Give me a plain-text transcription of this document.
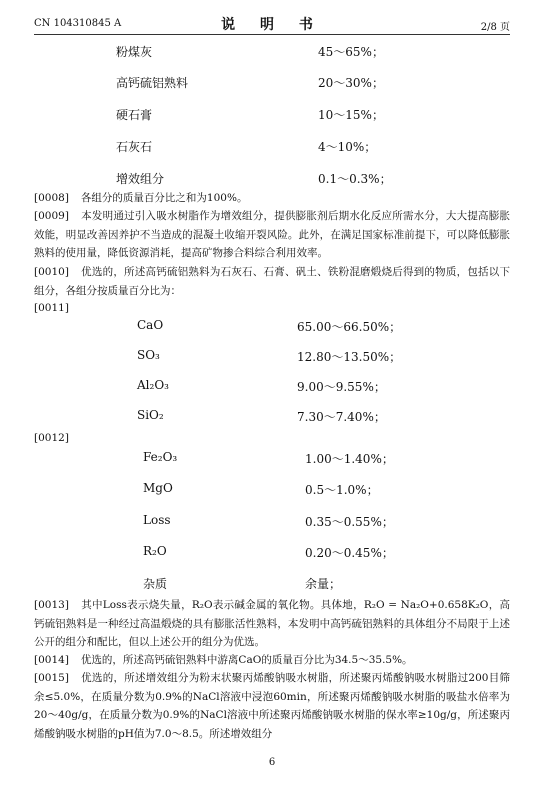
CN 104310845 A	说 明 书	2/8 页
粉煤灰	45～65%；
高钙硫铝熟料	20～30%；
硬石膏	10～15%；
石灰石	4～10%；
增效组分	0.1～0.3%；
[0008] 各组分的质量百分比之和为100%。
[0009] 本发明通过引入吸水树脂作为增效组分，提供膨胀剂后期水化反应所需水分，大大提高膨胀效能，明显改善因养护不当造成的混凝土收缩开裂风险。此外，在满足国家标准前提下，可以降低膨胀熟料的使用量，降低资源消耗，提高矿物掺合料综合利用效率。
[0010] 优选的，所述高钙硫铝熟料为石灰石、石膏、矾土、铁粉混磨煅烧后得到的物质，包括以下组分，各组分按质量百分比为：
[0011]
CaO	65.00～66.50%；
SO₃	12.80～13.50%；
Al₂O₃	9.00～9.55%；
SiO₂	7.30～7.40%；
[0012]
Fe₂O₃	1.00～1.40%；
MgO	0.5～1.0%；
Loss	0.35～0.55%；
R₂O	0.20～0.45%；
杂质	余量；
[0013] 其中Loss表示烧失量，R₂O表示碱金属的氧化物。具体地，R₂O = Na₂O+0.658K₂O，高钙硫铝熟料是一种经过高温煅烧的具有膨胀活性熟料，本发明中高钙硫铝熟料的具体组分不局限于上述公开的组分和配比，但以上述公开的组分为优选。
[0014] 优选的，所述高钙硫铝熟料中游离CaO的质量百分比为34.5～35.5%。
[0015] 优选的，所述增效组分为粉末状聚丙烯酸钠吸水树脂，所述聚丙烯酸钠吸水树脂过200目筛余≤5.0%，在质量分数为0.9%的NaCl溶液中浸泡60min，所述聚丙烯酸钠吸水树脂的吸盐水倍率为20～40g/g，在质量分数为0.9%的NaCl溶液中所述聚丙烯酸钠吸水树脂的保水率≥10g/g，所述聚丙烯酸钠吸水树脂的pH值为7.0～8.5。所述增效组分
6
